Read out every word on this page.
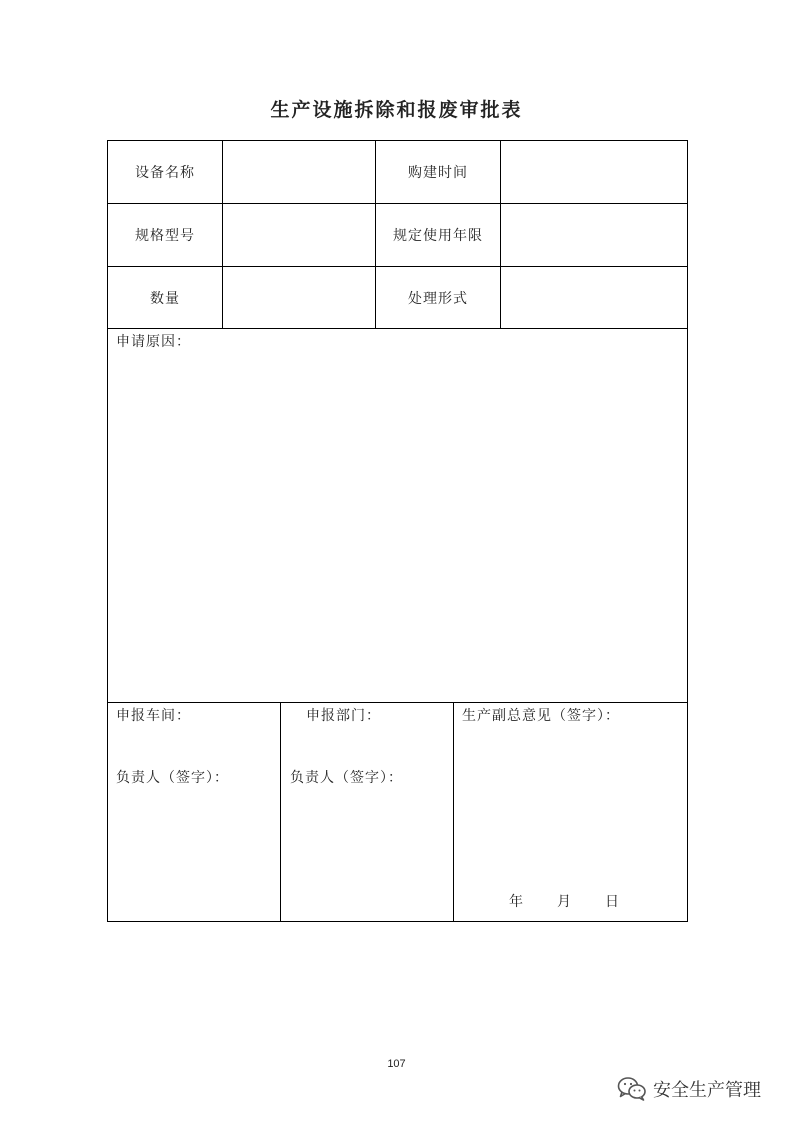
生产设施拆除和报废审批表
设备名称	购建时间
规格型号	规定使用年限
数量	处理形式
申请原因：
申报车间：
负责人（签字）：
申报部门：
负责人（签字）：
生产副总意见（签字）：
年 月 日
107
安全生产管理
